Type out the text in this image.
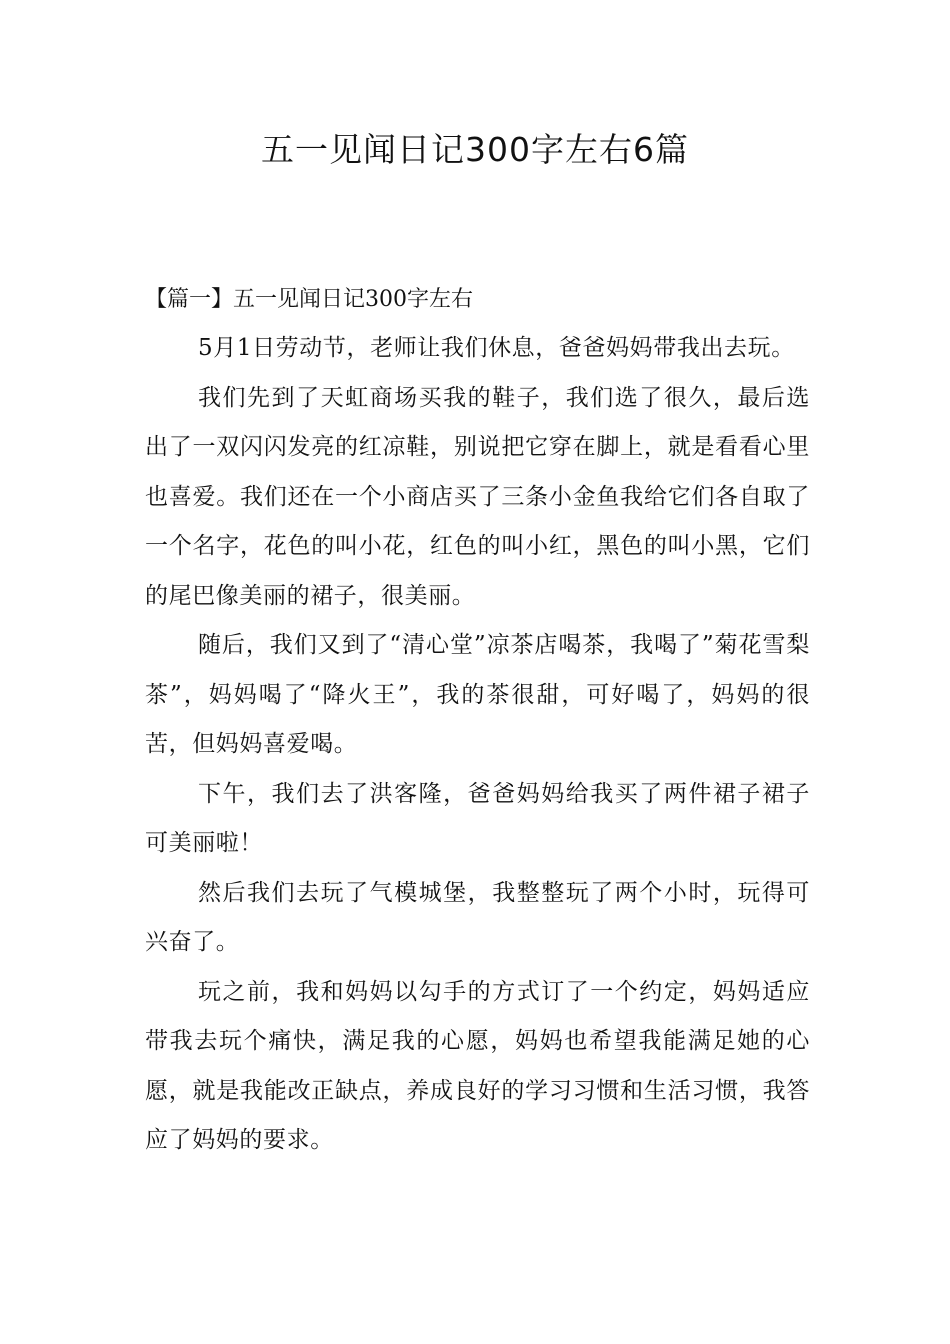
五一见闻日记300字左右6篇

【篇一】五一见闻日记300字左右

5月1日劳动节，老师让我们休息，爸爸妈妈带我出去玩。

我们先到了天虹商场买我的鞋子，我们选了很久，最后选出了一双闪闪发亮的红凉鞋，别说把它穿在脚上，就是看看心里也喜爱。我们还在一个小商店买了三条小金鱼我给它们各自取了一个名字，花色的叫小花，红色的叫小红，黑色的叫小黑，它们的尾巴像美丽的裙子，很美丽。

随后，我们又到了“清心堂”凉茶店喝茶，我喝了”菊花雪梨茶”，妈妈喝了“降火王”，我的茶很甜，可好喝了，妈妈的很苦，但妈妈喜爱喝。

下午，我们去了洪客隆，爸爸妈妈给我买了两件裙子裙子可美丽啦！

然后我们去玩了气模城堡，我整整玩了两个小时，玩得可兴奋了。

玩之前，我和妈妈以勾手的方式订了一个约定，妈妈适应带我去玩个痛快，满足我的心愿，妈妈也希望我能满足她的心愿，就是我能改正缺点，养成良好的学习习惯和生活习惯，我答应了妈妈的要求。
